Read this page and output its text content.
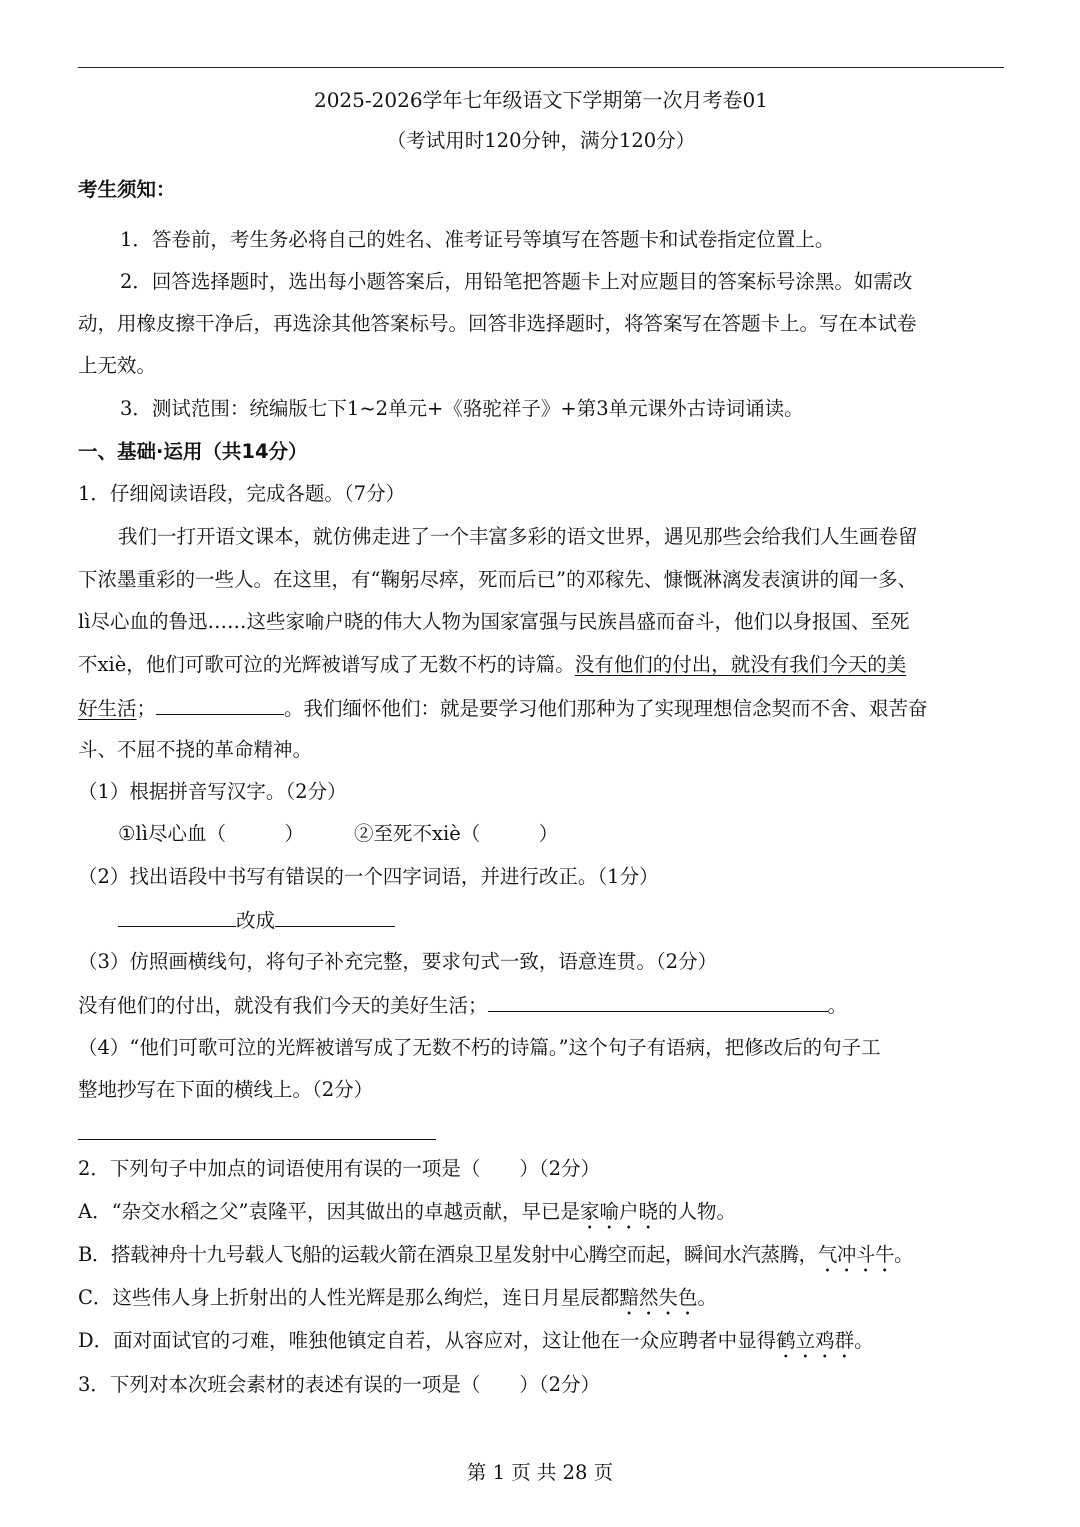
2025-2026学年七年级语文下学期第一次月考卷01
（考试用时120分钟，满分120分）
考生须知：
1．答卷前，考生务必将自己的姓名、准考证号等填写在答题卡和试卷指定位置上。
2．回答选择题时，选出每小题答案后，用铅笔把答题卡上对应题目的答案标号涂黑。如需改
动，用橡皮擦干净后，再选涂其他答案标号。回答非选择题时，将答案写在答题卡上。写在本试卷
上无效。
3．测试范围：统编版七下1~2单元+《骆驼祥子》+第3单元课外古诗词诵读。
一、基础·运用（共14分）
1．仔细阅读语段，完成各题。（7分）
我们一打开语文课本，就仿佛走进了一个丰富多彩的语文世界，遇见那些会给我们人生画卷留
下浓墨重彩的一些人。在这里，有“鞠躬尽瘁，死而后已”的邓稼先、慷慨淋漓发表演讲的闻一多、
lì尽心血的鲁迅……这些家喻户晓的伟大人物为国家富强与民族昌盛而奋斗，他们以身报国、至死
不xiè，他们可歌可泣的光辉被谱写成了无数不朽的诗篇。没有他们的付出，就没有我们今天的美
好生活；	。我们缅怀他们：就是要学习他们那种为了实现理想信念契而不舍、艰苦奋
斗、不屈不挠的革命精神。
（1）根据拼音写汉字。（2分）
①lì尽心血（　　　）	②至死不xiè（　　　）
（2）找出语段中书写有错误的一个四字词语，并进行改正。（1分）
改成
（3）仿照画横线句，将句子补充完整，要求句式一致，语意连贯。（2分）
没有他们的付出，就没有我们今天的美好生活；	。
（4）“他们可歌可泣的光辉被谱写成了无数不朽的诗篇。”这个句子有语病，把修改后的句子工
整地抄写在下面的横线上。（2分）
2．下列句子中加点的词语使用有误的一项是（　　）（2分）
A．“杂交水稻之父”袁隆平，因其做出的卓越贡献，早已是家喻户晓的人物。
B．搭载神舟十九号载人飞船的运载火箭在酒泉卫星发射中心腾空而起，瞬间水汽蒸腾，气冲斗牛。
C．这些伟人身上折射出的人性光辉是那么绚烂，连日月星辰都黯然失色。
D．面对面试官的刁难，唯独他镇定自若，从容应对，这让他在一众应聘者中显得鹤立鸡群。
3．下列对本次班会素材的表述有误的一项是（　　）（2分）
第 1 页 共 28 页
